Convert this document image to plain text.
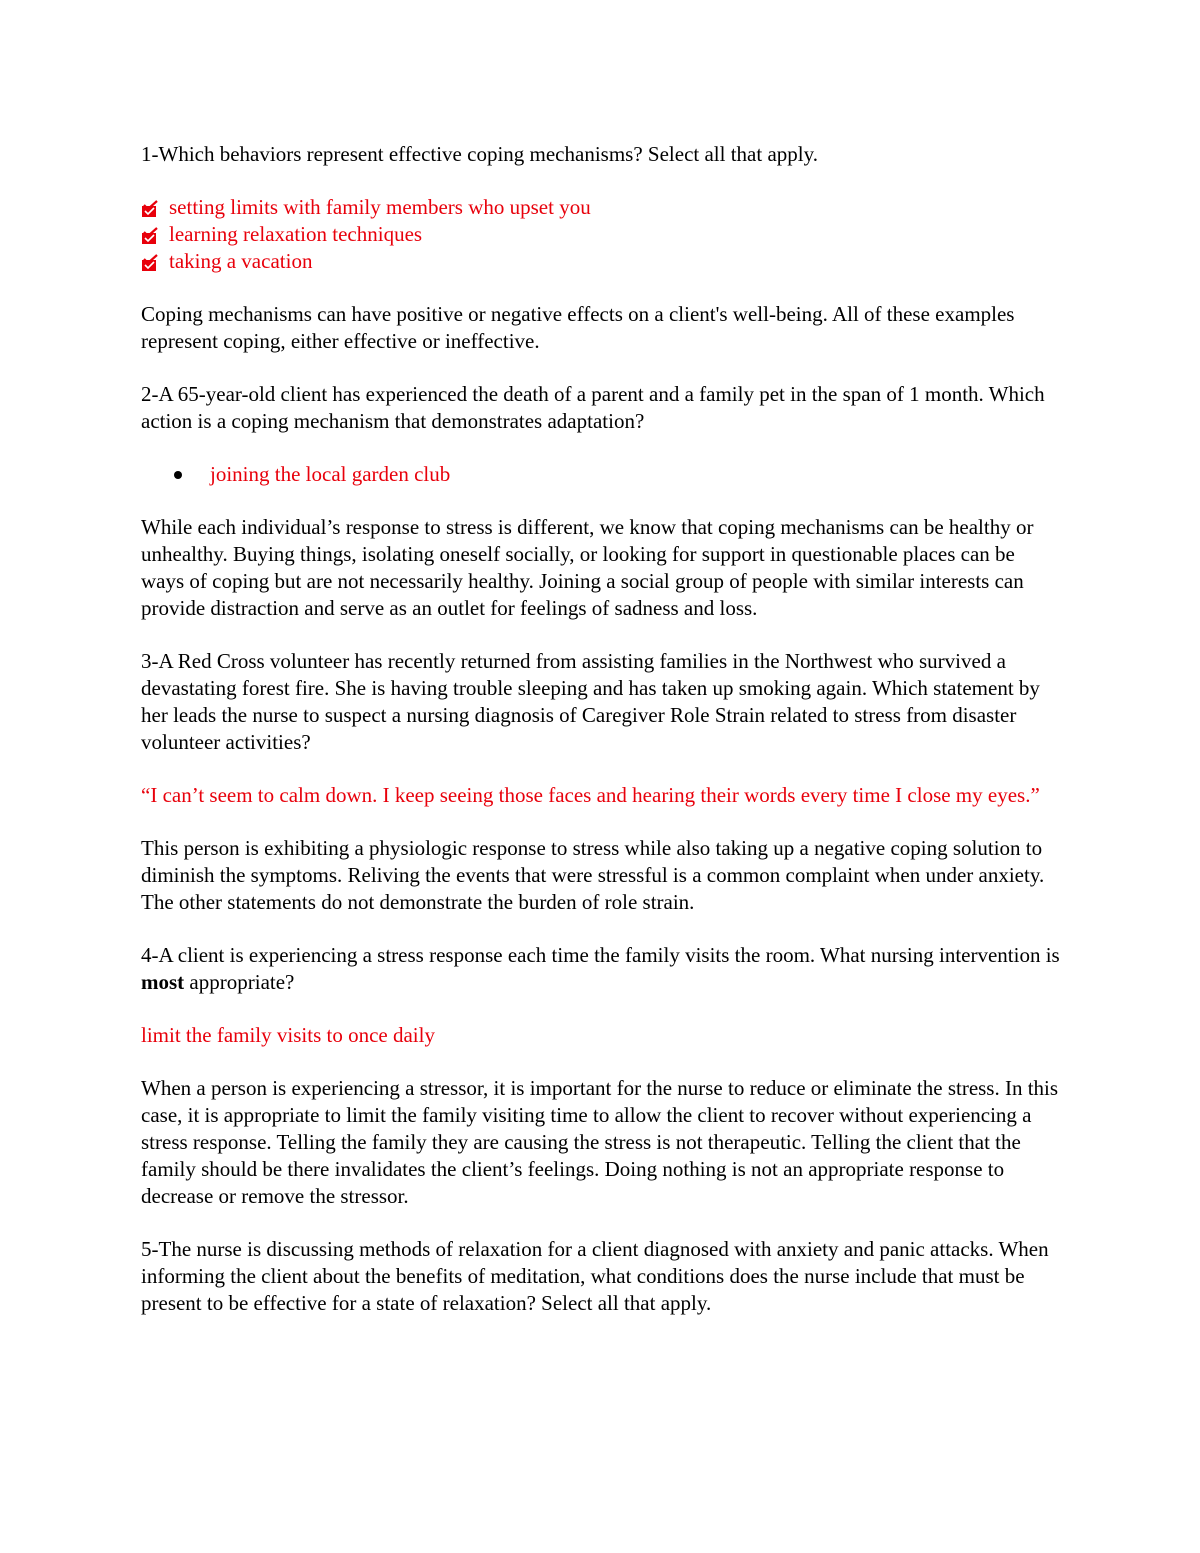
1-Which behaviors represent effective coping mechanisms? Select all that apply.

setting limits with family members who upset you
learning relaxation techniques
taking a vacation

Coping mechanisms can have positive or negative effects on a client's well-being. All of these examples represent coping, either effective or ineffective.

2-A 65-year-old client has experienced the death of a parent and a family pet in the span of 1 month. Which action is a coping mechanism that demonstrates adaptation?

joining the local garden club

While each individual’s response to stress is different, we know that coping mechanisms can be healthy or unhealthy. Buying things, isolating oneself socially, or looking for support in questionable places can be ways of coping but are not necessarily healthy. Joining a social group of people with similar interests can provide distraction and serve as an outlet for feelings of sadness and loss.

3-A Red Cross volunteer has recently returned from assisting families in the Northwest who survived a devastating forest fire. She is having trouble sleeping and has taken up smoking again. Which statement by her leads the nurse to suspect a nursing diagnosis of Caregiver Role Strain related to stress from disaster volunteer activities?

“I can’t seem to calm down. I keep seeing those faces and hearing their words every time I close my eyes.”

This person is exhibiting a physiologic response to stress while also taking up a negative coping solution to diminish the symptoms. Reliving the events that were stressful is a common complaint when under anxiety. The other statements do not demonstrate the burden of role strain.

4-A client is experiencing a stress response each time the family visits the room. What nursing intervention is most appropriate?

limit the family visits to once daily

When a person is experiencing a stressor, it is important for the nurse to reduce or eliminate the stress. In this case, it is appropriate to limit the family visiting time to allow the client to recover without experiencing a stress response. Telling the family they are causing the stress is not therapeutic. Telling the client that the family should be there invalidates the client’s feelings. Doing nothing is not an appropriate response to decrease or remove the stressor.

5-The nurse is discussing methods of relaxation for a client diagnosed with anxiety and panic attacks. When informing the client about the benefits of meditation, what conditions does the nurse include that must be present to be effective for a state of relaxation? Select all that apply.
